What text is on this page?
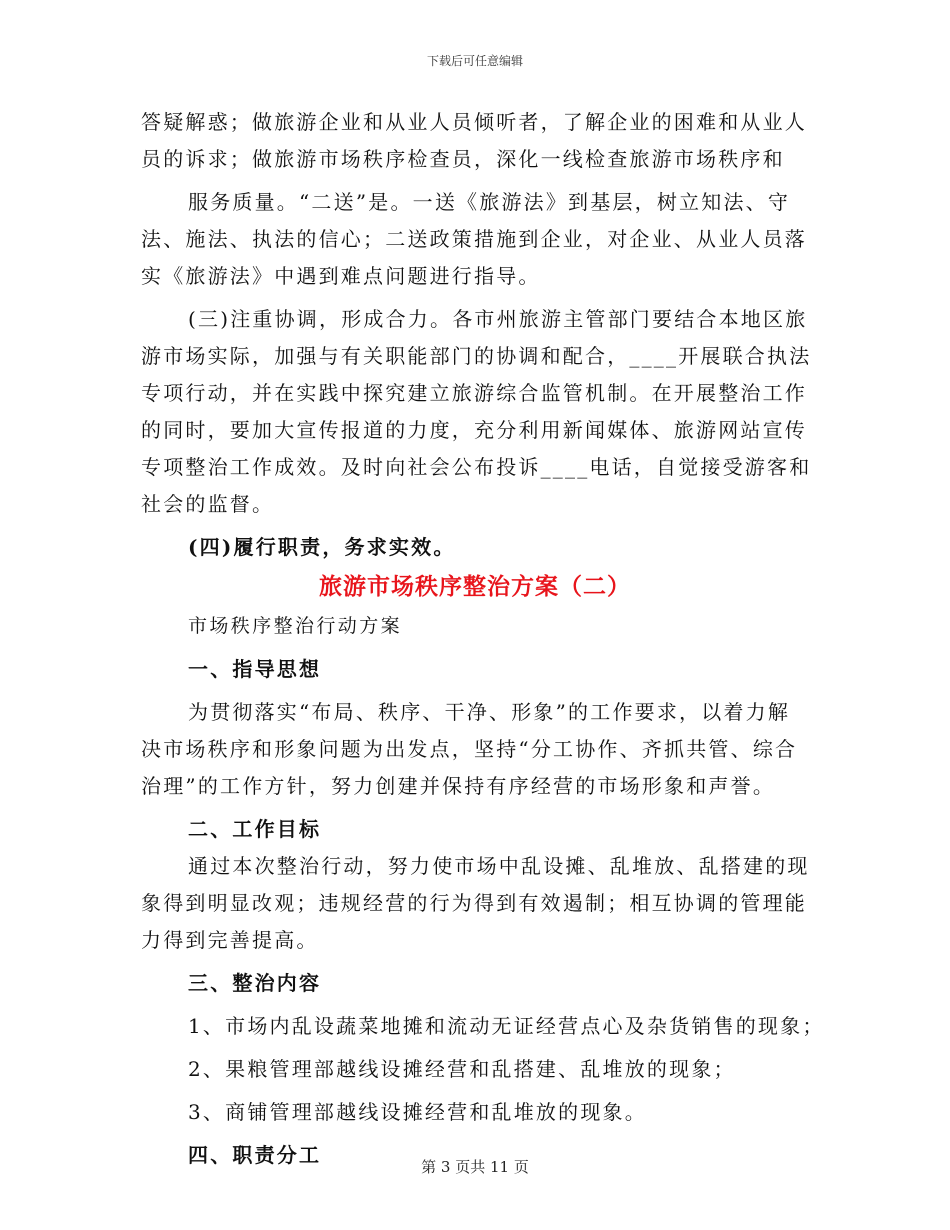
下载后可任意编辑
答疑解惑；做旅游企业和从业人员倾听者，了解企业的困难和从业人
员的诉求；做旅游市场秩序检查员，深化一线检查旅游市场秩序和
服务质量。“二送”是。一送《旅游法》到基层，树立知法、守
法、施法、执法的信心；二送政策措施到企业，对企业、从业人员落
实《旅游法》中遇到难点问题进行指导。
(三)注重协调，形成合力。各市州旅游主管部门要结合本地区旅
游市场实际，加强与有关职能部门的协调和配合，____开展联合执法
专项行动，并在实践中探究建立旅游综合监管机制。在开展整治工作
的同时，要加大宣传报道的力度，充分利用新闻媒体、旅游网站宣传
专项整治工作成效。及时向社会公布投诉____电话，自觉接受游客和
社会的监督。
(四)履行职责，务求实效。
旅游市场秩序整治方案（二）
市场秩序整治行动方案
一、指导思想
为贯彻落实“布局、秩序、干净、形象”的工作要求，以着力解
决市场秩序和形象问题为出发点，坚持“分工协作、齐抓共管、综合
治理”的工作方针，努力创建并保持有序经营的市场形象和声誉。
二、工作目标
通过本次整治行动，努力使市场中乱设摊、乱堆放、乱搭建的现
象得到明显改观；违规经营的行为得到有效遏制；相互协调的管理能
力得到完善提高。
三、整治内容
1、市场内乱设蔬菜地摊和流动无证经营点心及杂货销售的现象；
2、果粮管理部越线设摊经营和乱搭建、乱堆放的现象；
3、商铺管理部越线设摊经营和乱堆放的现象。
四、职责分工	第 3 页共 11 页
